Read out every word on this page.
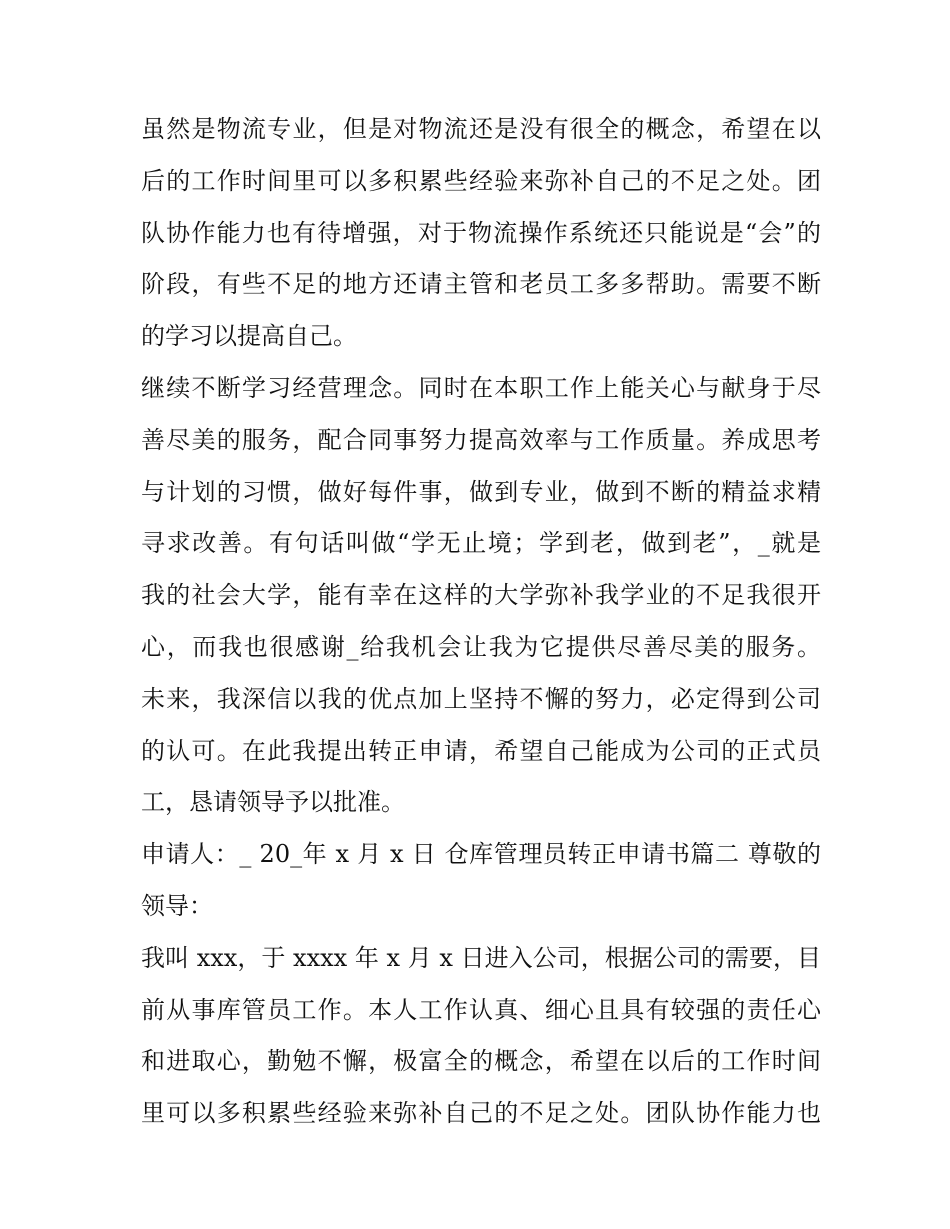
虽然是物流专业，但是对物流还是没有很全的概念，希望在以
后的工作时间里可以多积累些经验来弥补自己的不足之处。团
队协作能力也有待增强，对于物流操作系统还只能说是“会”的
阶段，有些不足的地方还请主管和老员工多多帮助。需要不断
的学习以提高自己。
继续不断学习经营理念。同时在本职工作上能关心与献身于尽
善尽美的服务，配合同事努力提高效率与工作质量。养成思考
与计划的习惯，做好每件事，做到专业，做到不断的精益求精
寻求改善。有句话叫做“学无止境；学到老，做到老”，_就是
我的社会大学，能有幸在这样的大学弥补我学业的不足我很开
心，而我也很感谢_给我机会让我为它提供尽善尽美的服务。
未来，我深信以我的优点加上坚持不懈的努力，必定得到公司
的认可。在此我提出转正申请，希望自己能成为公司的正式员
工，恳请领导予以批准。
申请人：_ 20_年 x 月 x 日 仓库管理员转正申请书篇二 尊敬的
领导：
我叫 xxx，于 xxxx 年 x 月 x 日进入公司，根据公司的需要，目
前从事库管员工作。本人工作认真、细心且具有较强的责任心
和进取心，勤勉不懈，极富全的概念，希望在以后的工作时间
里可以多积累些经验来弥补自己的不足之处。团队协作能力也
